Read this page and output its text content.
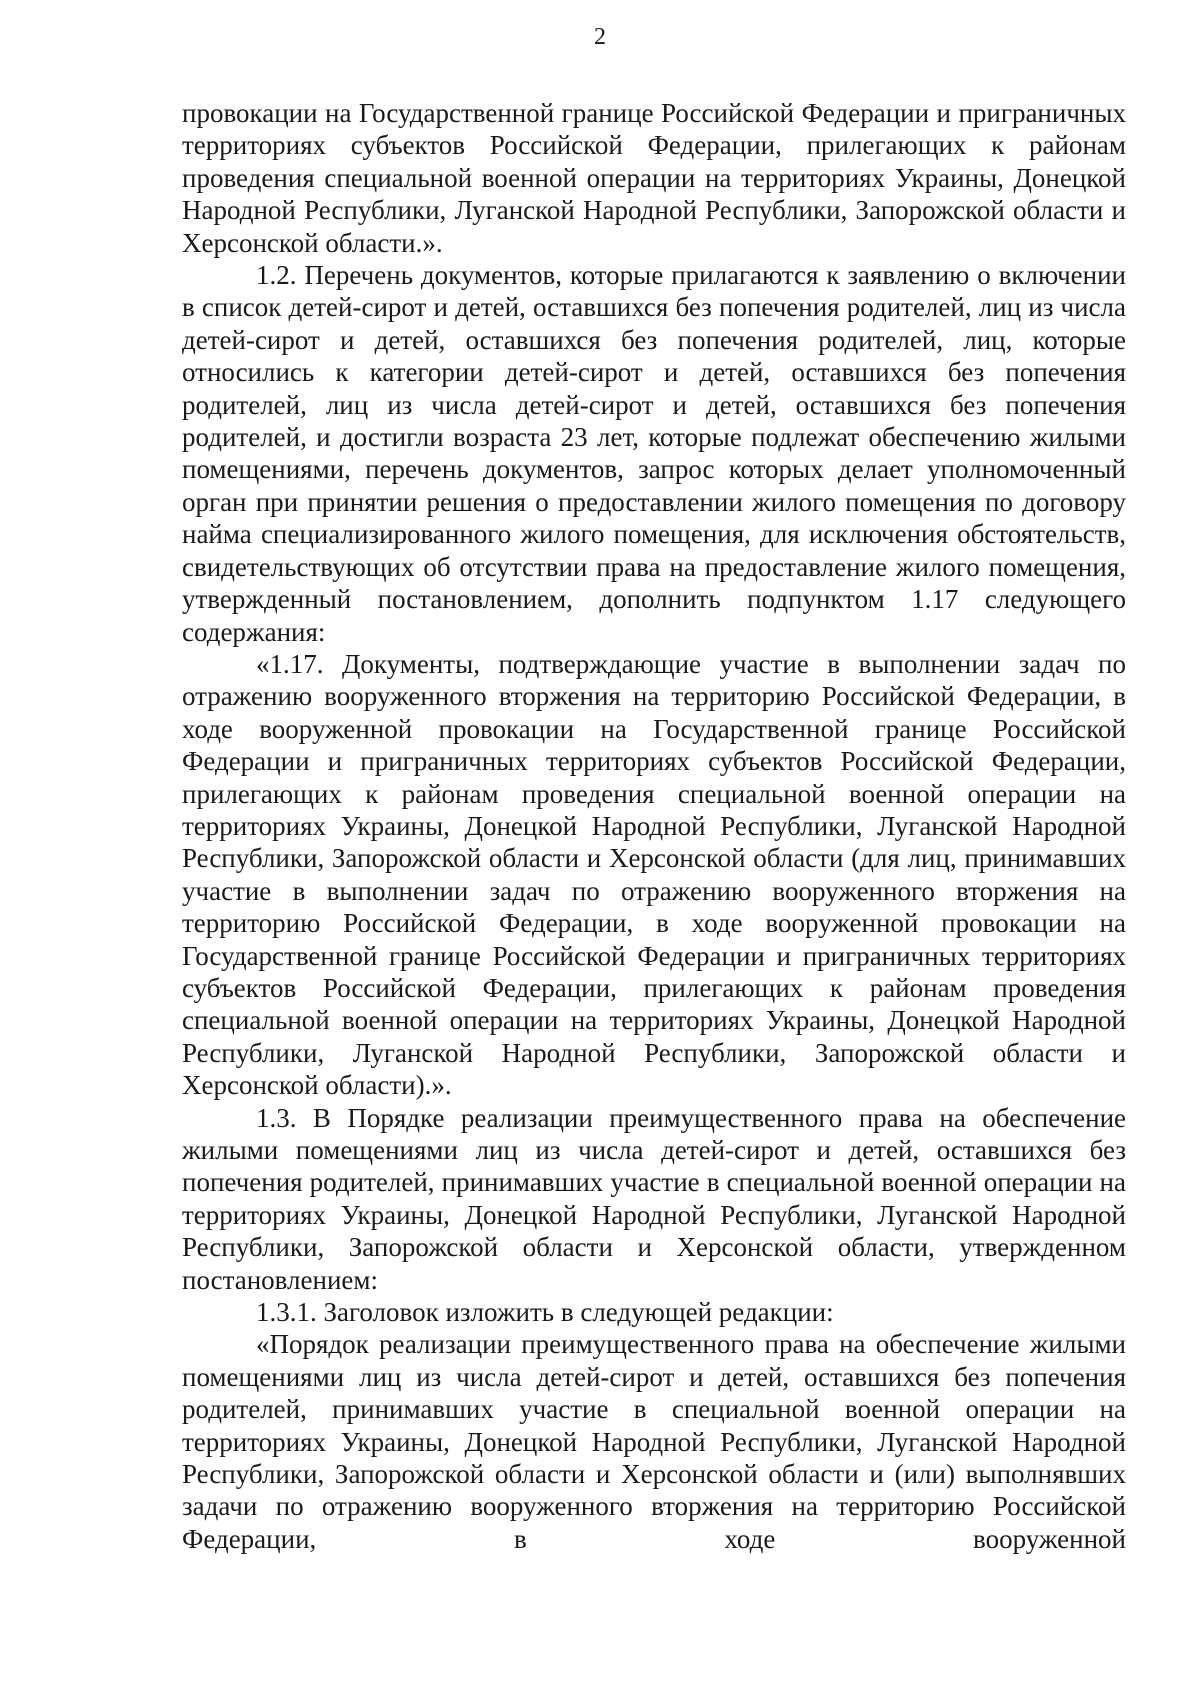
2

провокации на Государственной границе Российской Федерации и приграничных территориях субъектов Российской Федерации, прилегающих к районам проведения специальной военной операции на территориях Украины, Донецкой Народной Республики, Луганской Народной Республики, Запорожской области и Херсонской области.».

1.2. Перечень документов, которые прилагаются к заявлению о включении в список детей-сирот и детей, оставшихся без попечения родителей, лиц из числа детей-сирот и детей, оставшихся без попечения родителей, лиц, которые относились к категории детей-сирот и детей, оставшихся без попечения родителей, лиц из числа детей-сирот и детей, оставшихся без попечения родителей, и достигли возраста 23 лет, которые подлежат обеспечению жилыми помещениями, перечень документов, запрос которых делает уполномоченный орган при принятии решения о предоставлении жилого помещения по договору найма специализированного жилого помещения, для исключения обстоятельств, свидетельствующих об отсутствии права на предоставление жилого помещения, утвержденный постановлением, дополнить подпунктом 1.17 следующего содержания:

«1.17. Документы, подтверждающие участие в выполнении задач по отражению вооруженного вторжения на территорию Российской Федерации, в ходе вооруженной провокации на Государственной границе Российской Федерации и приграничных территориях субъектов Российской Федерации, прилегающих к районам проведения специальной военной операции на территориях Украины, Донецкой Народной Республики, Луганской Народной Республики, Запорожской области и Херсонской области (для лиц, принимавших участие в выполнении задач по отражению вооруженного вторжения на территорию Российской Федерации, в ходе вооруженной провокации на Государственной границе Российской Федерации и приграничных территориях субъектов Российской Федерации, прилегающих к районам проведения специальной военной операции на территориях Украины, Донецкой Народной Республики, Луганской Народной Республики, Запорожской области и Херсонской области).».

1.3. В Порядке реализации преимущественного права на обеспечение жилыми помещениями лиц из числа детей-сирот и детей, оставшихся без попечения родителей, принимавших участие в специальной военной операции на территориях Украины, Донецкой Народной Республики, Луганской Народной Республики, Запорожской области и Херсонской области, утвержденном постановлением:

1.3.1. Заголовок изложить в следующей редакции:

«Порядок реализации преимущественного права на обеспечение жилыми помещениями лиц из числа детей-сирот и детей, оставшихся без попечения родителей, принимавших участие в специальной военной операции на территориях Украины, Донецкой Народной Республики, Луганской Народной Республики, Запорожской области и Херсонской области и (или) выполнявших задачи по отражению вооруженного вторжения на территорию Российской Федерации, в ходе вооруженной
